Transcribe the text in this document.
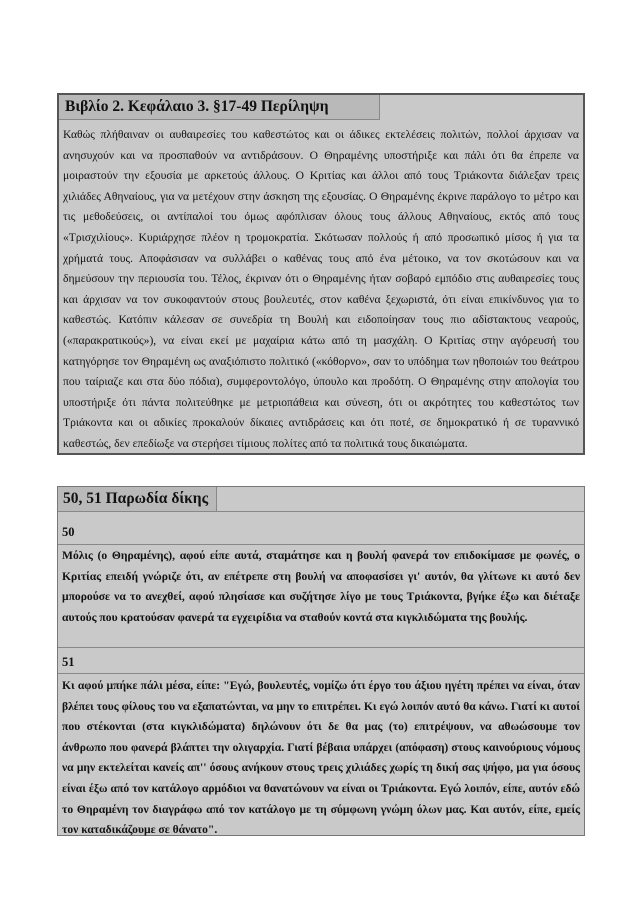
Βιβλίο 2. Κεφάλαιο 3. §17-49 Περίληψη

Καθώς πλήθαιναν οι αυθαιρεσίες του καθεστώτος και οι άδικες εκτελέσεις πολιτών, πολλοί άρχισαν να ανησυχούν και να προσπαθούν να αντιδράσουν. Ο Θηραμένης υποστήριξε και πάλι ότι θα έπρεπε να μοιραστούν την εξουσία με αρκετούς άλλους. Ο Κριτίας και άλλοι από τους Τριάκοντα διάλεξαν τρεις χιλιάδες Αθηναίους, για να μετέχουν στην άσκηση της εξουσίας. Ο Θηραμένης έκρινε παράλογο το μέτρο και τις μεθοδεύσεις, οι αντίπαλοί του όμως αφόπλισαν όλους τους άλλους Αθηναίους, εκτός από τους «Τρισχιλίους». Κυριάρχησε πλέον η τρομοκρατία. Σκότωσαν πολλούς ή από προσωπικό μίσος ή για τα χρήματά τους. Αποφάσισαν να συλλάβει ο καθένας τους από ένα μέτοικο, να τον σκοτώσουν και να δημεύσουν την περιουσία του. Τέλος, έκριναν ότι ο Θηραμένης ήταν σοβαρό εμπόδιο στις αυθαιρεσίες τους και άρχισαν να τον συκοφαντούν στους βουλευτές, στον καθένα ξεχωριστά, ότι είναι επικίνδυνος για το καθεστώς. Κατόπιν κάλεσαν σε συνεδρία τη Βουλή και ειδοποίησαν τους πιο αδίστακτους νεαρούς, («παρακρατικούς»), να είναι εκεί με μαχαίρια κάτω από τη μασχάλη. Ο Κριτίας στην αγόρευσή του κατηγόρησε τον Θηραμένη ως αναξιόπιστο πολιτικό («κόθορνο», σαν το υπόδημα των ηθοποιών του θεάτρου που ταίριαζε και στα δύο πόδια), συμφεροντολόγο, ύπουλο και προδότη. Ο Θηραμένης στην απολογία του υποστήριξε ότι πάντα πολιτεύθηκε με μετριοπάθεια και σύνεση, ότι οι ακρότητες του καθεστώτος των Τριάκοντα και οι αδικίες προκαλούν δίκαιες αντιδράσεις και ότι ποτέ, σε δημοκρατικό ή σε τυραννικό καθεστώς, δεν επεδίωξε να στερήσει τίμιους πολίτες από τα πολιτικά τους δικαιώματα.

50, 51 Παρωδία δίκης

50

Μόλις (ο Θηραμένης), αφού είπε αυτά, σταμάτησε και η βουλή φανερά τον επιδοκίμασε με φωνές, ο Κριτίας επειδή γνώριζε ότι, αν επέτρεπε στη βουλή να αποφασίσει γι' αυτόν, θα γλίτωνε κι αυτό δεν μπορούσε να το ανεχθεί, αφού πλησίασε και συζήτησε λίγο με τους Τριάκοντα, βγήκε έξω και διέταξε αυτούς που κρατούσαν φανερά τα εγχειρίδια να σταθούν κοντά στα κιγκλιδώματα της βουλής.

51

Κι αφού μπήκε πάλι μέσα, είπε: "Εγώ, βουλευτές, νομίζω ότι έργο του άξιου ηγέτη πρέπει να είναι, όταν βλέπει τους φίλους του να εξαπατώνται, να μην το επιτρέπει. Κι εγώ λοιπόν αυτό θα κάνω. Γιατί κι αυτοί που στέκονται (στα κιγκλιδώματα) δηλώνουν ότι δε θα μας (το) επιτρέψουν, να αθωώσουμε τον άνθρωπο που φανερά βλάπτει την ολιγαρχία. Γιατί βέβαια υπάρχει (απόφαση) στους καινούριους νόμους να μην εκτελείται κανείς απ'' όσους ανήκουν στους τρεις χιλιάδες χωρίς τη δική σας ψήφο, μα για όσους είναι έξω από τον κατάλογο αρμόδιοι να θανατώνουν να είναι οι Τριάκοντα. Εγώ λοιπόν, είπε, αυτόν εδώ το Θηραμένη τον διαγράφω από τον κατάλογο με τη σύμφωνη γνώμη όλων μας. Και αυτόν, είπε, εμείς τον καταδικάζουμε σε θάνατο".
